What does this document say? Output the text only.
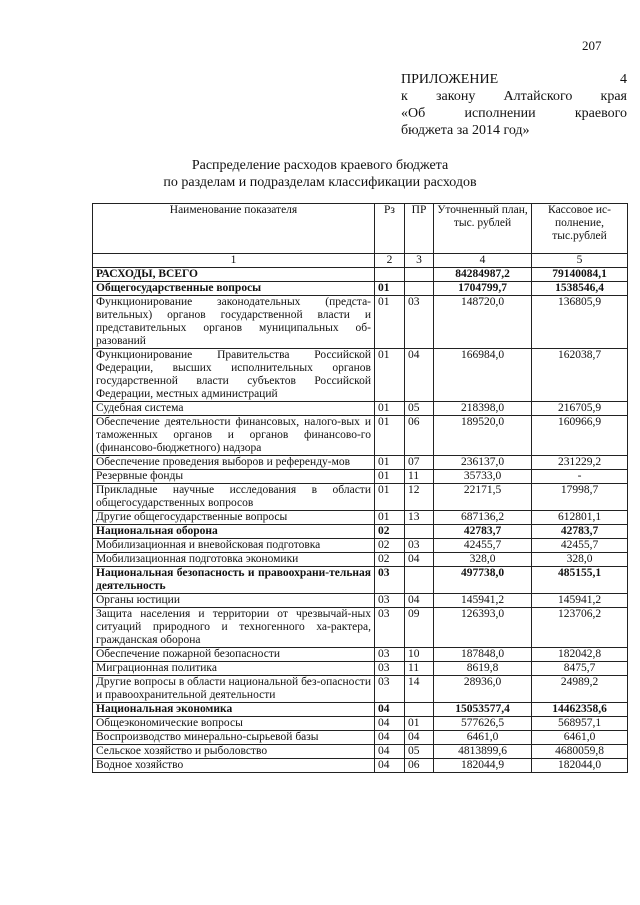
207
ПРИЛОЖЕНИЕ 4
к закону Алтайского края
«Об исполнении краевого
бюджета за 2014 год»
Распределение расходов краевого бюджета
по разделам и подразделам классификации расходов
Наименование показателя	Рз	ПР	Уточненный план, тыс. рублей	Кассовое ис-полнение, тыс.рублей
1	2	3	4	5
РАСХОДЫ, ВСЕГО			84284987,2	79140084,1
Общегосударственные вопросы	01		1704799,7	1538546,4
Функционирование законодательных (предста-вительных) органов государственной власти и представительных органов муниципальных об-разований	01	03	148720,0	136805,9
Функционирование Правительства Российской Федерации, высших исполнительных органов государственной власти субъектов Российской Федерации, местных администраций	01	04	166984,0	162038,7
Судебная система	01	05	218398,0	216705,9
Обеспечение деятельности финансовых, налого-вых и таможенных органов и органов финансово-го (финансово-бюджетного) надзора	01	06	189520,0	160966,9
Обеспечение проведения выборов и референду-мов	01	07	236137,0	231229,2
Резервные фонды	01	11	35733,0	-
Прикладные научные исследования в области общегосударственных вопросов	01	12	22171,5	17998,7
Другие общегосударственные вопросы	01	13	687136,2	612801,1
Национальная оборона	02		42783,7	42783,7
Мобилизационная и вневойсковая подготовка	02	03	42455,7	42455,7
Мобилизационная подготовка экономики	02	04	328,0	328,0
Национальная безопасность и правоохрани-тельная деятельность	03		497738,0	485155,1
Органы юстиции	03	04	145941,2	145941,2
Защита населения и территории от чрезвычай-ных ситуаций природного и техногенного ха-рактера, гражданская оборона	03	09	126393,0	123706,2
Обеспечение пожарной безопасности	03	10	187848,0	182042,8
Миграционная политика	03	11	8619,8	8475,7
Другие вопросы в области национальной без-опасности и правоохранительной деятельности	03	14	28936,0	24989,2
Национальная экономика	04		15053577,4	14462358,6
Общеэкономические вопросы	04	01	577626,5	568957,1
Воспроизводство минерально-сырьевой базы	04	04	6461,0	6461,0
Сельское хозяйство и рыболовство	04	05	4813899,6	4680059,8
Водное хозяйство	04	06	182044,9	182044,0
